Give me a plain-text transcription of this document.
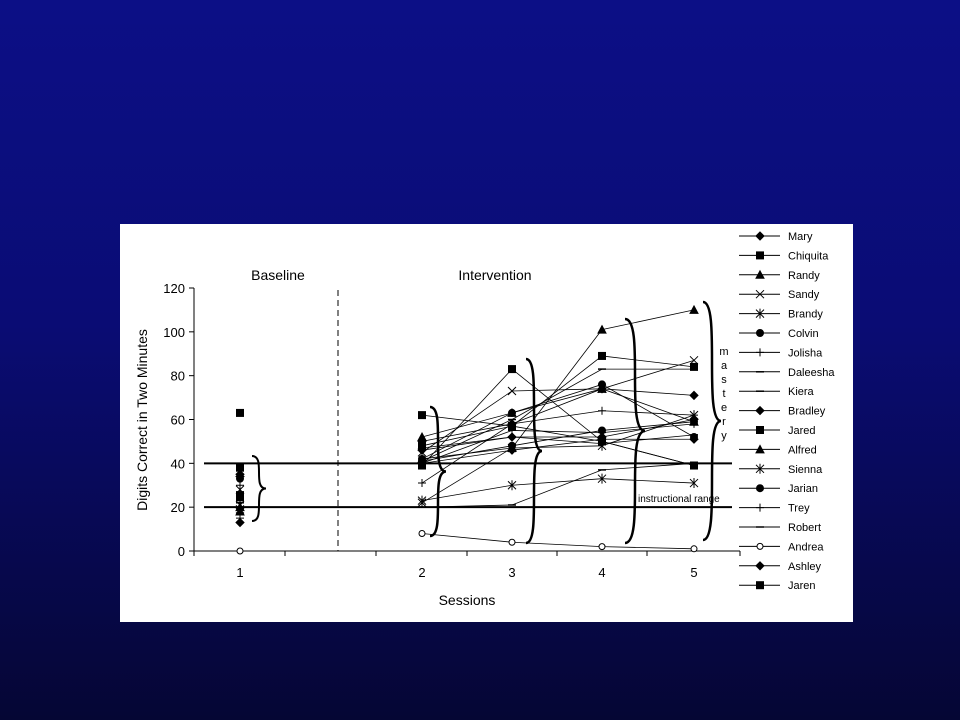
0
20
40
60
80
100
120
1	2	3	4	5
Baseline	Intervention
Sessions
Digits Correct in Two Minutes	instructional range
m
a
s
t
e
r
y
Mary
Chiquita
Randy
Sandy
Brandy
Colvin
Jolisha
Daleesha
Kiera
Bradley
Jared
Alfred
Sienna
Jarian
Trey
Robert
Andrea
Ashley
Jaren
